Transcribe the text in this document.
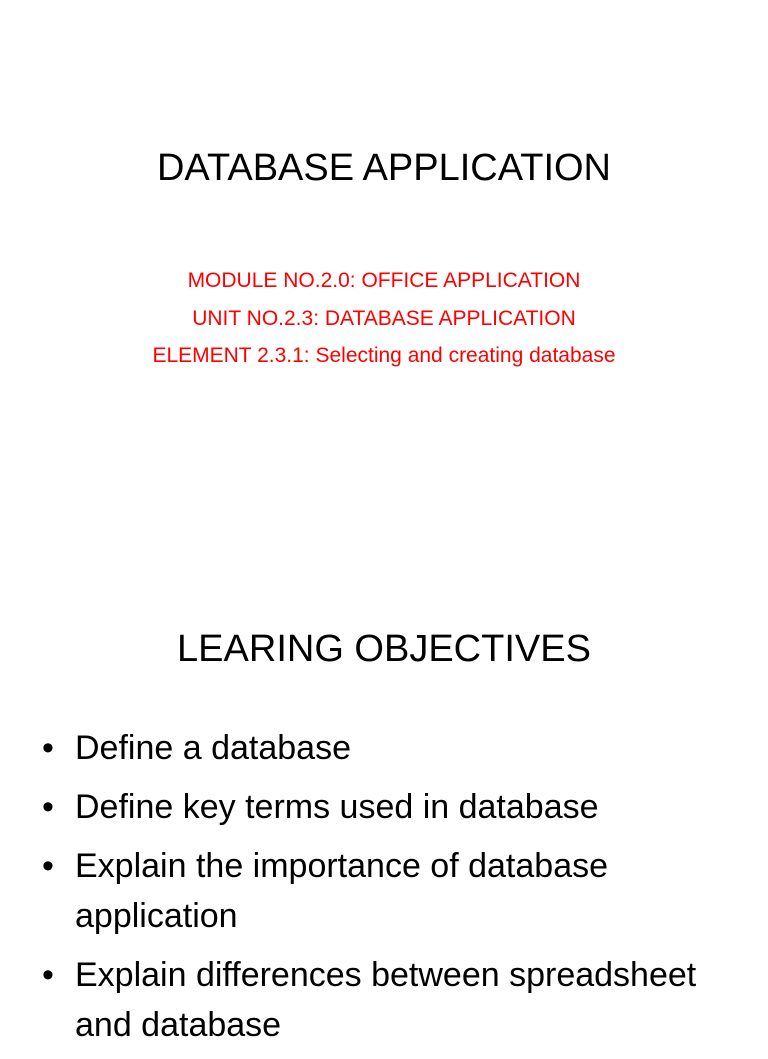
DATABASE APPLICATION
MODULE NO.2.0: OFFICE APPLICATION
UNIT NO.2.3: DATABASE APPLICATION
ELEMENT 2.3.1: Selecting and creating database
LEARING OBJECTIVES
• Define a database
• Define key terms used in database
• Explain the importance of database application
• Explain differences between spreadsheet and database
